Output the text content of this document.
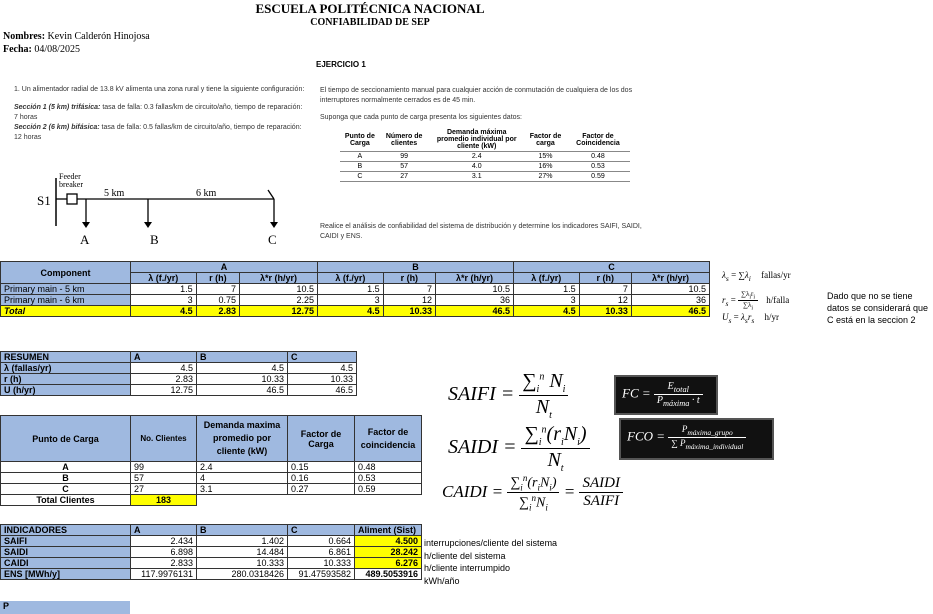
ESCUELA POLITÉCNICA NACIONAL
CONFIABILIDAD DE SEP
Nombres: Kevin Calderón Hinojosa
Fecha: 04/08/2025
EJERCICIO 1
1. Un alimentador radial de 13.8 kV alimenta una zona rural y tiene la siguiente configuración:
Sección 1 (5 km) trifásica: tasa de falla: 0.3 fallas/km de circuito/año, tiempo de reparación: 7 horas
Sección 2 (6 km) bifásica: tasa de falla: 0.5 fallas/km de circuito/año, tiempo de reparación: 12 horas
S1
Feeder breaker
5 km	6 km
A	B	C
El tiempo de seccionamiento manual para cualquier acción de conmutación de cualquiera de los dos interruptores normalmente cerrados es de 45 min.
Suponga que cada punto de carga presenta los siguientes datos:
Punto de Carga	Número de clientes	Demanda máxima promedio individual por cliente (kW)	Factor de carga	Factor de Coincidencia
A	99	2.4	15%	0.48
B	57	4.0	16%	0.53
C	27	3.1	27%	0.59
Realice el análisis de confiabilidad del sistema de distribución y determine los indicadores SAIFI, SAIDI, CAIDI y ENS.
Component	A			B			C		
	λ (f./yr)	r (h)	λ*r (h/yr)	λ (f./yr)	r (h)	λ*r (h/yr)	λ (f./yr)	r (h)	λ*r (h/yr)
Primary main - 5 km	1.5	7	10.5	1.5	7	10.5	1.5	7	10.5
Primary main - 6 km	3	0.75	2.25	3	12	36	3	12	36
Total	4.5	2.83	12.75	4.5	10.33	46.5	4.5	10.33	46.5
$\lambda_s = \sum\lambda_i$ fallas/yr
$r_s = \frac{\sum\lambda_ir_i}{\sum\lambda_i}$ h/falla
$U_s = \lambda_sr_s$ h/yr
Dado que no se tiene datos se considerará que C está en la seccion 2
RESUMEN	A	B	C
λ (fallas/yr)	4.5	4.5	4.5
r (h)	2.83	10.33	10.33
U (h/yr)	12.75	46.5	46.5
Punto de Carga	No. Clientes	Demanda maxima promedio por cliente (kW)	Factor de Carga	Factor de coincidencia
A	99	2.4	0.15	0.48
B	57	4	0.16	0.53
C	27	3.1	0.27	0.59
Total Clientes	183			
INDICADORES	A	B	C	Aliment (Sist)
SAIFI	2.434	1.402	0.664	4.500
SAIDI	6.898	14.484	6.861	28.242
CAIDI	2.833	10.333	10.333	6.276
ENS [MWh/y]	117.9976131	280.0318426	91.47593582	489.5053916
interrupciones/cliente del sistema
h/cliente del sistema
h/cliente interrumpido
kWh/año
P
SAIFI = $\frac{\sum_i^n N_i}{N_t}$
SAIDI = $\frac{\sum_i^n(r_iN_i)}{N_t}$
CAIDI = $\frac{\sum_i^n(r_iN_i)}{\sum_i^nN_i} = \frac{\text{SAIDI}}{\text{SAIFI}}$
FC = $\frac{E_{total}}{P_{máxima} \cdot t}$
FCO = $\frac{P_{máxima\_grupo}}{\sum P_{máxima\_individual}}$
